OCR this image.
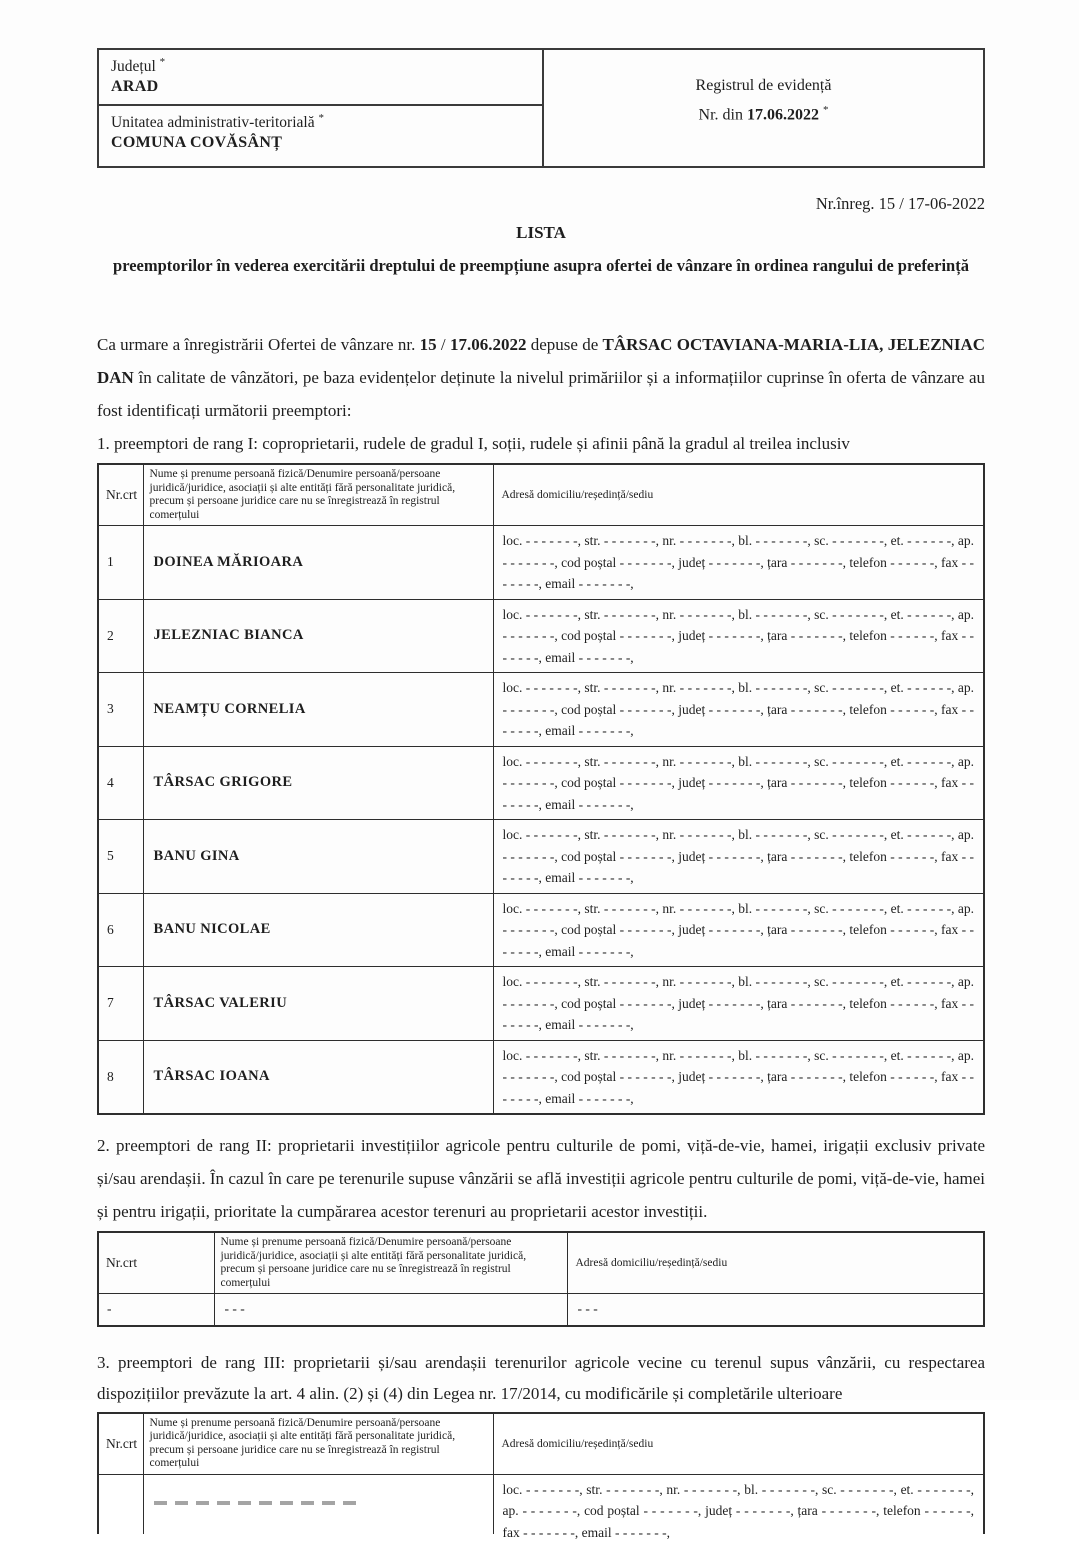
Județul *
ARAD
Unitatea administrativ-teritorială *
COMUNA COVĂSÂNȚ
Registrul de evidență
Nr. din 17.06.2022 *
Nr.înreg. 15 / 17-06-2022
LISTA
preemptorilor în vederea exercitării dreptului de preempțiune asupra ofertei de vânzare în ordinea rangului de preferință

Ca urmare a înregistrării Ofertei de vânzare nr. 15 / 17.06.2022 depuse de TÂRSAC OCTAVIANA-MARIA-LIA, JELEZNIAC DAN în calitate de vânzători, pe baza evidențelor deținute la nivelul primăriilor și a informațiilor cuprinse în oferta de vânzare au fost identificați următorii preemptori:

1. preemptori de rang I: coproprietarii, rudele de gradul I, soții, rudele și afinii până la gradul al treilea inclusiv

Nr.crt	Nume și prenume persoană fizică/Denumire persoană/persoane juridică/juridice, asociații și alte entități fără personalitate juridică, precum și persoane juridice care nu se înregistrează în registrul comerțului	Adresă domiciliu/reședință/sediu
1	DOINEA MĂRIOARA	loc. - - - - - - -, str. - - - - - - -, nr. - - - - - - -, bl. - - - - - - -, sc. - - - - - - -, et. - - - - - -, ap. - - - - - - -, cod poștal - - - - - - -, județ - - - - - - -, țara - - - - - - -, telefon - - - - - -, fax - - - - - - -, email - - - - - - -,
2	JELEZNIAC BIANCA	loc. - - - - - - -, str. - - - - - - -, nr. - - - - - - -, bl. - - - - - - -, sc. - - - - - - -, et. - - - - - -, ap. - - - - - - -, cod poștal - - - - - - -, județ - - - - - - -, țara - - - - - - -, telefon - - - - - -, fax - - - - - - -, email - - - - - - -,
3	NEAMȚU CORNELIA	loc. - - - - - - -, str. - - - - - - -, nr. - - - - - - -, bl. - - - - - - -, sc. - - - - - - -, et. - - - - - -, ap. - - - - - - -, cod poștal - - - - - - -, județ - - - - - - -, țara - - - - - - -, telefon - - - - - -, fax - - - - - - -, email - - - - - - -,
4	TÂRSAC GRIGORE	loc. - - - - - - -, str. - - - - - - -, nr. - - - - - - -, bl. - - - - - - -, sc. - - - - - - -, et. - - - - - -, ap. - - - - - - -, cod poștal - - - - - - -, județ - - - - - - -, țara - - - - - - -, telefon - - - - - -, fax - - - - - - -, email - - - - - - -,
5	BANU GINA	loc. - - - - - - -, str. - - - - - - -, nr. - - - - - - -, bl. - - - - - - -, sc. - - - - - - -, et. - - - - - -, ap. - - - - - - -, cod poștal - - - - - - -, județ - - - - - - -, țara - - - - - - -, telefon - - - - - -, fax - - - - - - -, email - - - - - - -,
6	BANU NICOLAE	loc. - - - - - - -, str. - - - - - - -, nr. - - - - - - -, bl. - - - - - - -, sc. - - - - - - -, et. - - - - - -, ap. - - - - - - -, cod poștal - - - - - - -, județ - - - - - - -, țara - - - - - - -, telefon - - - - - -, fax - - - - - - -, email - - - - - - -,
7	TÂRSAC VALERIU	loc. - - - - - - -, str. - - - - - - -, nr. - - - - - - -, bl. - - - - - - -, sc. - - - - - - -, et. - - - - - -, ap. - - - - - - -, cod poștal - - - - - - -, județ - - - - - - -, țara - - - - - - -, telefon - - - - - -, fax - - - - - - -, email - - - - - - -,
8	TÂRSAC IOANA	loc. - - - - - - -, str. - - - - - - -, nr. - - - - - - -, bl. - - - - - - -, sc. - - - - - - -, et. - - - - - -, ap. - - - - - - -, cod poștal - - - - - - -, județ - - - - - - -, țara - - - - - - -, telefon - - - - - -, fax - - - - - - -, email - - - - - - -,

2. preemptori de rang II: proprietarii investițiilor agricole pentru culturile de pomi, viță-de-vie, hamei, irigații exclusiv private și/sau arendașii. În cazul în care pe terenurile supuse vânzării se află investiții agricole pentru culturile de pomi, viță-de-vie, hamei și pentru irigații, prioritate la cumpărarea acestor terenuri au proprietarii acestor investiții.

Nr.crt	Nume și prenume persoană fizică/Denumire persoană/persoane juridică/juridice, asociații și alte entități fără personalitate juridică, precum și persoane juridice care nu se înregistrează în registrul comerțului	Adresă domiciliu/reședință/sediu
-	- - -	- - -

3. preemptori de rang III: proprietarii și/sau arendașii terenurilor agricole vecine cu terenul supus vânzării, cu respectarea dispozițiilor prevăzute la art. 4 alin. (2) și (4) din Legea nr. 17/2014, cu modificările și completările ulterioare

Nr.crt	Nume și prenume persoană fizică/Denumire persoană/persoane juridică/juridice, asociații și alte entități fără personalitate juridică, precum și persoane juridice care nu se înregistrează în registrul comerțului	Adresă domiciliu/reședință/sediu

		loc. - - - - - - -, str. - - - - - - -, nr. - - - - - - -, bl. - - - - - - -, sc. - - - - - - -, et. - - - - - - -, ap. - - - - - - -, cod poștal - - - - - - -, județ - - - - - - -, țara - - - - - - -, telefon - - - - - -, fax - - - - - - -, email - - - - - - -,
